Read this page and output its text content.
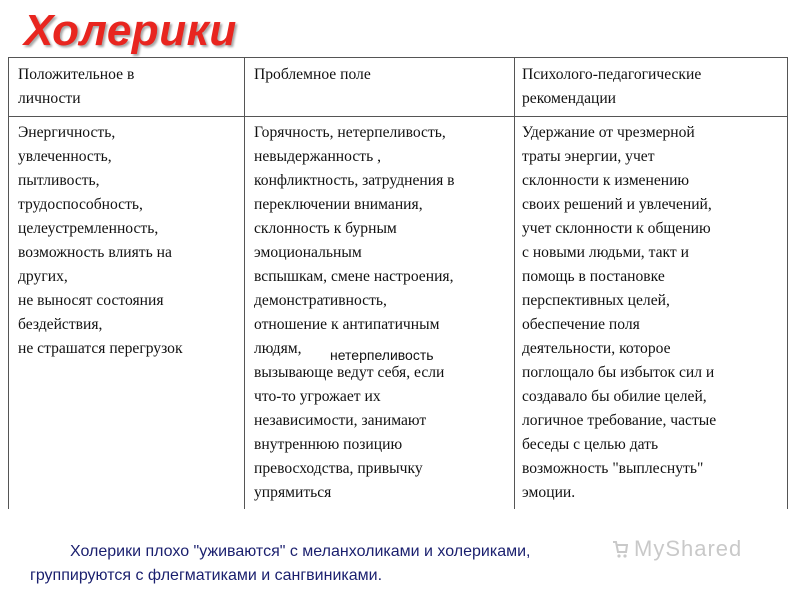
Холерики
Положительное в
личности
Проблемное поле	Психолого-педагогические
рекомендации
Энергичность,
увлеченность,
пытливость,
трудоспособность,
целеустремленность,
возможность влиять на
других,
не выносят состояния
бездействия,
не страшатся перегрузок
Горячность, нетерпеливость,
невыдержанность ,
конфликтность, затруднения в
переключении внимания,
склонность к бурным
эмоциональным
вспышкам, смене настроения,
демонстративность,
отношение к антипатичным
людям,
вызывающе ведут себя, если
что-то угрожает их
независимости, занимают
внутреннюю позицию
превосходства, привычку
упрямиться
Удержание от чрезмерной
траты энергии, учет
склонности к изменению
своих решений и увлечений,
учет склонности к общению
с новыми людьми, такт и
помощь в постановке
перспективных целей,
обеспечение поля
деятельности, которое
поглощало бы избыток сил и
создавало бы обилие целей,
логичное требование, частые
беседы с целью дать
возможность "выплеснуть"
эмоции.
нетерпеливость
Холерики плохо "уживаются" с меланхоликами и холериками,
группируются с флегматиками и сангвиниками.
MyShared
